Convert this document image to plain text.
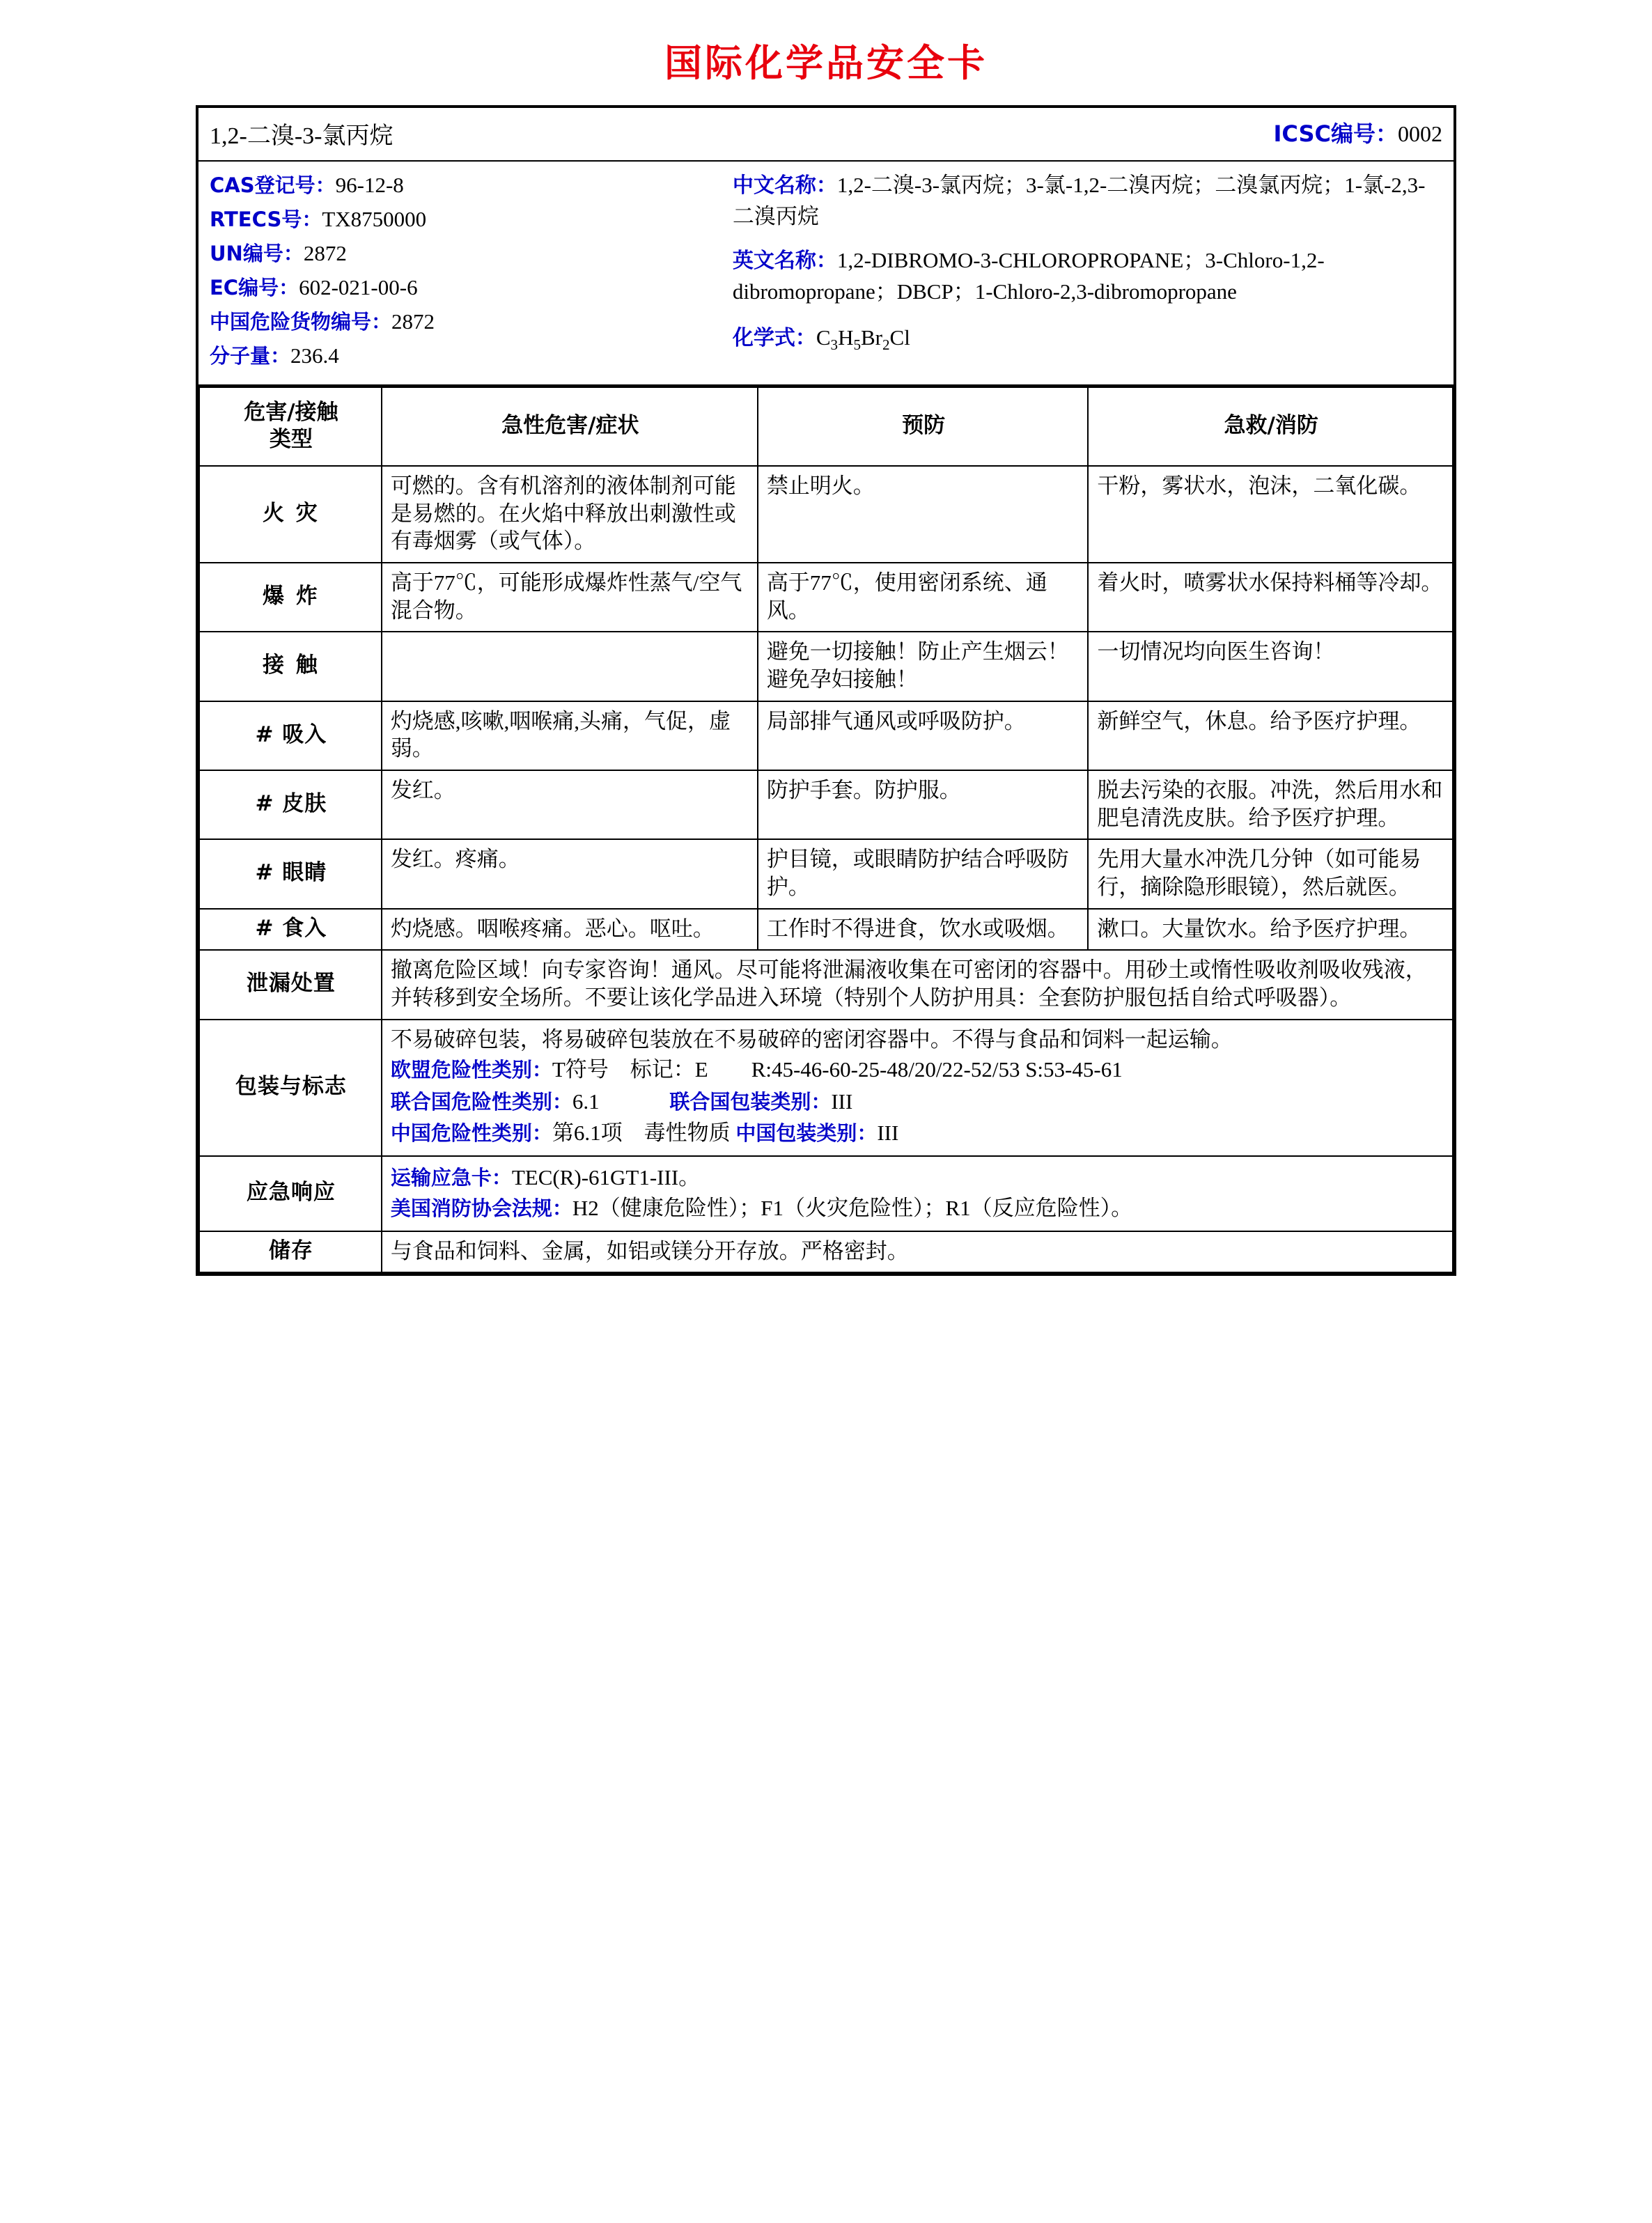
国际化学品安全卡
1,2-二溴-3-氯丙烷	ICSC编号：0002
CAS登记号：96-12-8
RTECS号：TX8750000
UN编号：2872
EC编号：602-021-00-6
中国危险货物编号：2872
分子量：236.4
中文名称：1,2-二溴-3-氯丙烷；3-氯-1,2-二溴丙烷；二溴氯丙烷；1-氯-2,3-二溴丙烷
英文名称：1,2-DIBROMO-3-CHLOROPROPANE；3-Chloro-1,2-dibromopropane；DBCP；1-Chloro-2,3-dibromopropane
化学式：$C_3H_5Br_2Cl$
危害/接触
类型	急性危害/症状	预防	急救/消防
火 灾	可燃的。含有机溶剂的液体制剂可能是易燃的。在火焰中释放出刺激性或有毒烟雾（或气体）。	禁止明火。	干粉，雾状水，泡沫，二氧化碳。
爆 炸	高于77℃，可能形成爆炸性蒸气/空气混合物。	高于77℃，使用密闭系统、通风。	着火时，喷雾状水保持料桶等冷却。
接 触		避免一切接触！防止产生烟云！避免孕妇接触！	一切情况均向医生咨询！
# 吸入	灼烧感,咳嗽,咽喉痛,头痛，气促，虚弱。	局部排气通风或呼吸防护。	新鲜空气，休息。给予医疗护理。
# 皮肤	发红。	防护手套。防护服。	脱去污染的衣服。冲洗，然后用水和肥皂清洗皮肤。给予医疗护理。
# 眼睛	发红。疼痛。	护目镜，或眼睛防护结合呼吸防护。	先用大量水冲洗几分钟（如可能易行，摘除隐形眼镜），然后就医。
# 食入	灼烧感。咽喉疼痛。恶心。呕吐。	工作时不得进食，饮水或吸烟。	漱口。大量饮水。给予医疗护理。
泄漏处置	撤离危险区域！向专家咨询！通风。尽可能将泄漏液收集在可密闭的容器中。用砂土或惰性吸收剂吸收残液，并转移到安全场所。不要让该化学品进入环境（特别个人防护用具：全套防护服包括自给式呼吸器）。		
包装与标志	不易破碎包装，将易破碎包装放在不易破碎的密闭容器中。不得与食品和饲料一起运输。
欧盟危险性类别：T符号　标记：E　　R:45-46-60-25-48/20/22-52/53 S:53-45-61
联合国危险性类别：6.1 联合国包装类别：III
中国危险性类别：第6.1项　毒性物质 中国包装类别：III		

应急响应	运输应急卡：TEC(R)-61GT1-III。
美国消防协会法规：H2（健康危险性）；F1（火灾危险性）；R1（反应危险性）。		

储存	与食品和饲料、金属，如铝或镁分开存放。严格密封。		
